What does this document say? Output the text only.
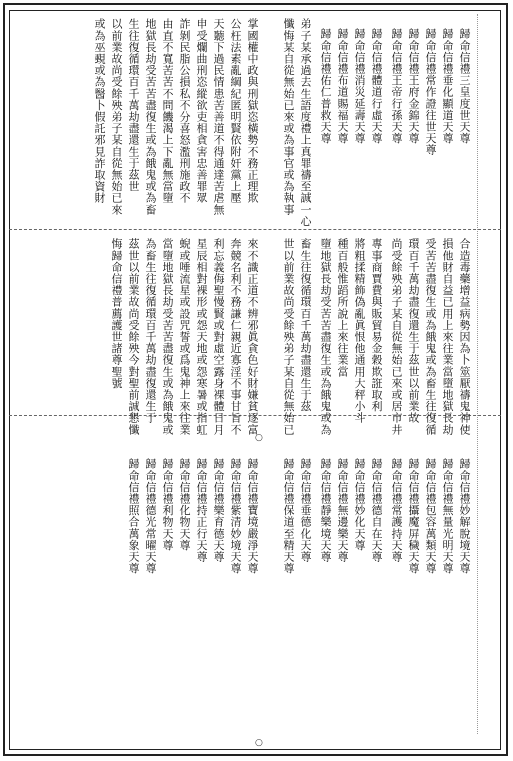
○
○
歸命信禮三皇度世天尊
歸命信禮垂化顯道天尊
歸命信禮常作證往世天尊
歸命信禮王府金錦天尊
歸命信禮王帝行孫天尊
歸命信禮體道行虛天尊
歸命信禮消災延壽天尊
歸命信禮布道賜福天尊
歸命信禮佑仁普救天尊
弟子某承過去生語度禮上真罪禱至誠一心
懺悔某自從無始已來或為事官或為執事
掌國權中政與刑獄恣橫勢不務正理欺
公枉法素亂綱紀匿明賢依附奸黨上壓
天聽下過民情患苦善道不得通達苦虐無
申受爛曲刑恣縱欲吏相貪害忠善罪眾
詐剝民脂公損私不分喜怒濫刑施政不
由直不寬苦苦不問饑渴上下亂無當墮
地獄長劫受苦苦盡復生或為餓鬼或為畜
生往復循環百千萬劫盡還生于茲世
以前業故尚受餘殃弟子某自從無始已來
或為巫覡或為醫卜假託邪見詐取資財
合造毒藥增益病勢因為卜筮厭禱鬼神使
損他財自益已用上來往業當墮地獄長劫
受苦苦盡復生或為餓鬼或為畜生往復循
環百千萬劫盡復還生于茲世以前業故
尚受餘殃弟子某自從無始已來或居市井
專事商賈費與販貿易金穀欺誑取利
將粗揉精飾偽亂眞恨他通用大秤小斗
種百般惟蹈所說上來往業當
墮地獄長劫受苦苦盡復生或為餓鬼或為
畜生往復循環百千萬劫盡還生于茲
世以前業故尚受餘殃弟子某自從無始已
來不識正道不辨邪眞貪色好財嫌貧逐富
奔競名利不務謙仁親近寡淫不事甘旨不
利忘義侮聖慢賢或對虛空露身裸體日月
星辰相對裸形或怨天地或怨寒暑或指虹
蜺或唾流星或設咒誓或爲鬼神上來往業
當墮地獄長劫受苦苦盡復生或為餓鬼或
為畜生往復循環百千萬劫盡復還生于
茲世以前業故尚受餘殃今對聖前誠懇懺
悔歸命信禮普薦護世諸尊聖號
歸命信禮妙解脫境天尊
歸命信禮無量光明天尊
歸命信禮包容萬類天尊
歸命信禮攝魔屏穢天尊
歸命信禮常護持天尊
歸命信禮德自在天尊
歸命信禮妙化天尊
歸命信禮無邊樂天尊
歸命信禮靜樂境天尊
歸命信禮垂德化天尊
歸命信禮保道至精天尊
歸命信禮寶境嚴淨天尊
歸命信禮紫清妙境天尊
歸命信禮樂育德天尊
歸命信禮持正行天尊
歸命信禮化物天尊
歸命信禮利物天尊
歸命信禮德光常曜天尊
歸命信禮照合萬象天尊
